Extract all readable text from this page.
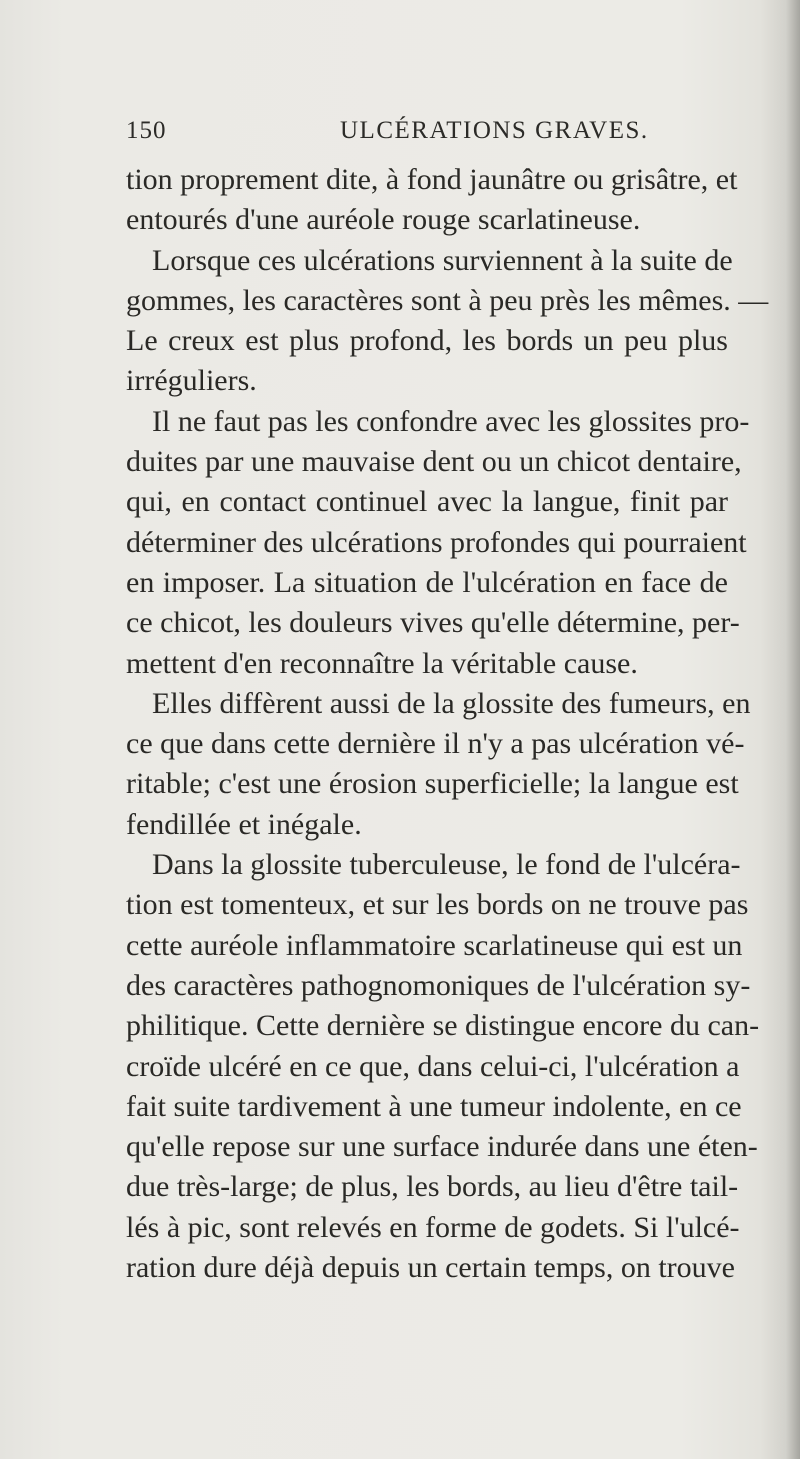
150	ULCÉRATIONS GRAVES.
tion proprement dite, à fond jaunâtre ou grisâtre, et
entourés d'une auréole rouge scarlatineuse.
Lorsque ces ulcérations surviennent à la suite de
gommes, les caractères sont à peu près les mêmes. —
Le creux est plus profond, les bords un peu plus
irréguliers.
Il ne faut pas les confondre avec les glossites pro-
duites par une mauvaise dent ou un chicot dentaire,
qui, en contact continuel avec la langue, finit par
déterminer des ulcérations profondes qui pourraient
en imposer. La situation de l'ulcération en face de
ce chicot, les douleurs vives qu'elle détermine, per-
mettent d'en reconnaître la véritable cause.
Elles diffèrent aussi de la glossite des fumeurs, en
ce que dans cette dernière il n'y a pas ulcération vé-
ritable; c'est une érosion superficielle; la langue est
fendillée et inégale.
Dans la glossite tuberculeuse, le fond de l'ulcéra-
tion est tomenteux, et sur les bords on ne trouve pas
cette auréole inflammatoire scarlatineuse qui est un
des caractères pathognomoniques de l'ulcération sy-
philitique. Cette dernière se distingue encore du can-
croïde ulcéré en ce que, dans celui-ci, l'ulcération a
fait suite tardivement à une tumeur indolente, en ce
qu'elle repose sur une surface indurée dans une éten-
due très-large; de plus, les bords, au lieu d'être tail-
lés à pic, sont relevés en forme de godets. Si l'ulcé-
ration dure déjà depuis un certain temps, on trouve
